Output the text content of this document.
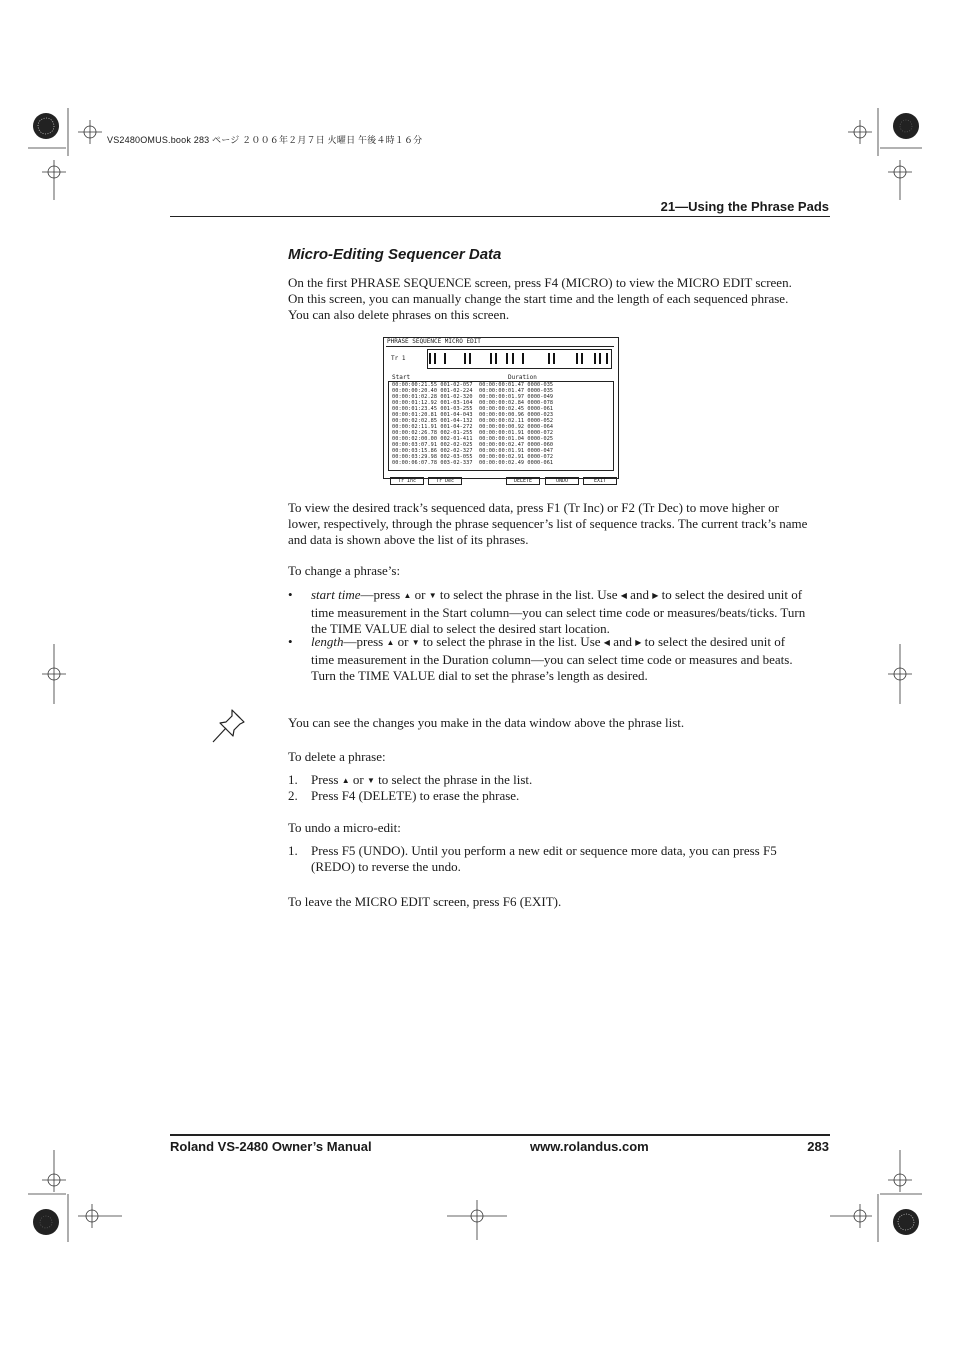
VS2480OMUS.book 283 ページ ２００６年２月７日 火曜日 午後４時１６分
21—Using the Phrase Pads
Micro-Editing Sequencer Data

On the first PHRASE SEQUENCE screen, press F4 (MICRO) to view the MICRO EDIT screen. On this screen, you can manually change the start time and the length of each sequenced phrase. You can also delete phrases on this screen.

PHRASE SEQUENCE MICRO EDIT
Tr 1
Start	Duration
00:00:00:21.55 001-02-057  00:00:00:01.47 0000-035
00:00:00:20.40 001-02-224  00:00:00:01.47 0000-035
00:00:01:02.28 001-02-320  00:00:00:01.97 0000-049
00:00:01:12.92 001-03-104  00:00:00:02.84 0000-078
00:00:01:23.45 001-03-255  00:00:00:02.45 0000-061
00:00:01:20.81 001-04-043  00:00:00:00.96 0000-023
00:00:02:02.85 001-04-132  00:00:00:02.11 0000-052
00:00:02:11.91 001-04-272  00:00:00:00.92 0000-064
00:00:02:26.78 002-01-255  00:00:00:01.91 0000-072
00:00:02:00.00 002-01-411  00:00:00:01.04 0000-025
00:00:03:07.91 002-02-025  00:00:00:02.47 0000-060
00:00:03:15.86 002-02-327  00:00:00:01.91 0000-047
00:00:03:29.98 002-03-055  00:00:00:02.91 0000-072
00:00:06:07.78 003-02-337  00:00:00:02.49 0000-061
Tr Inc	Tr Dec	DELETE	UNDO	EXIT

To view the desired track’s sequenced data, press F1 (Tr Inc) or F2 (Tr Dec) to move higher or lower, respectively, through the phrase sequencer’s list of sequence tracks. The current track’s name and data is shown above the list of its phrases.

To change a phrase’s:

• start time—press ▲ or ▼ to select the phrase in the list. Use ◀ and ▶ to select the desired unit of time measurement in the Start column—you can select time code or measures/beats/ticks. Turn the TIME VALUE dial to select the desired start location.
• length—press ▲ or ▼ to select the phrase in the list. Use ◀ and ▶ to select the desired unit of time measurement in the Duration column—you can select time code or measures and beats. Turn the TIME VALUE dial to set the phrase’s length as desired.

You can see the changes you make in the data window above the phrase list.

To delete a phrase:

1. Press ▲ or ▼ to select the phrase in the list.
2. Press F4 (DELETE) to erase the phrase.

To undo a micro-edit:

1. Press F5 (UNDO). Until you perform a new edit or sequence more data, you can press F5 (REDO) to reverse the undo.

To leave the MICRO EDIT screen, press F6 (EXIT).

Roland VS-2480 Owner’s Manual	www.rolandus.com	283
